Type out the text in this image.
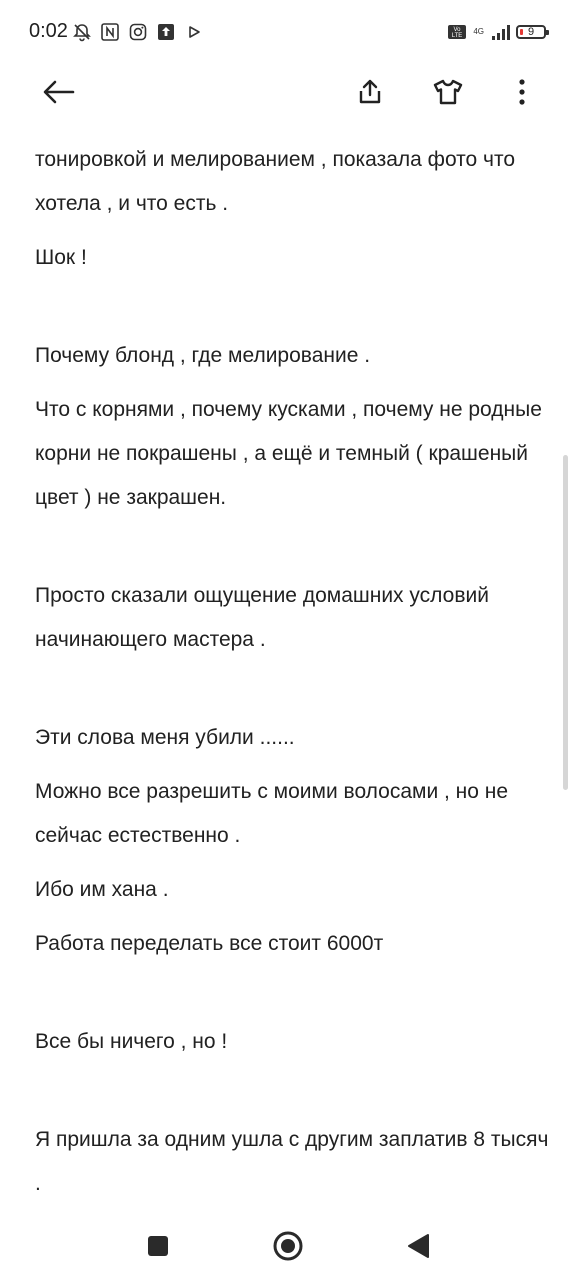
0:02	Vo
LTE 4G	9

тонировкой и мелированием , показала фото что хотела , и что есть .

Шок !

Почему блонд , где мелирование .

Что с корнями , почему кусками , почему не родные корни не покрашены , а ещё и темный ( крашеный цвет ) не закрашен.

Просто сказали ощущение домашних условий начинающего мастера .

Эти слова меня убили ......

Можно все разрешить с моими волосами , но не сейчас естественно .

Ибо им хана .

Работа переделать все стоит 6000т

Все бы ничего , но !

Я пришла за одним ушла с другим заплатив 8 тысяч .
